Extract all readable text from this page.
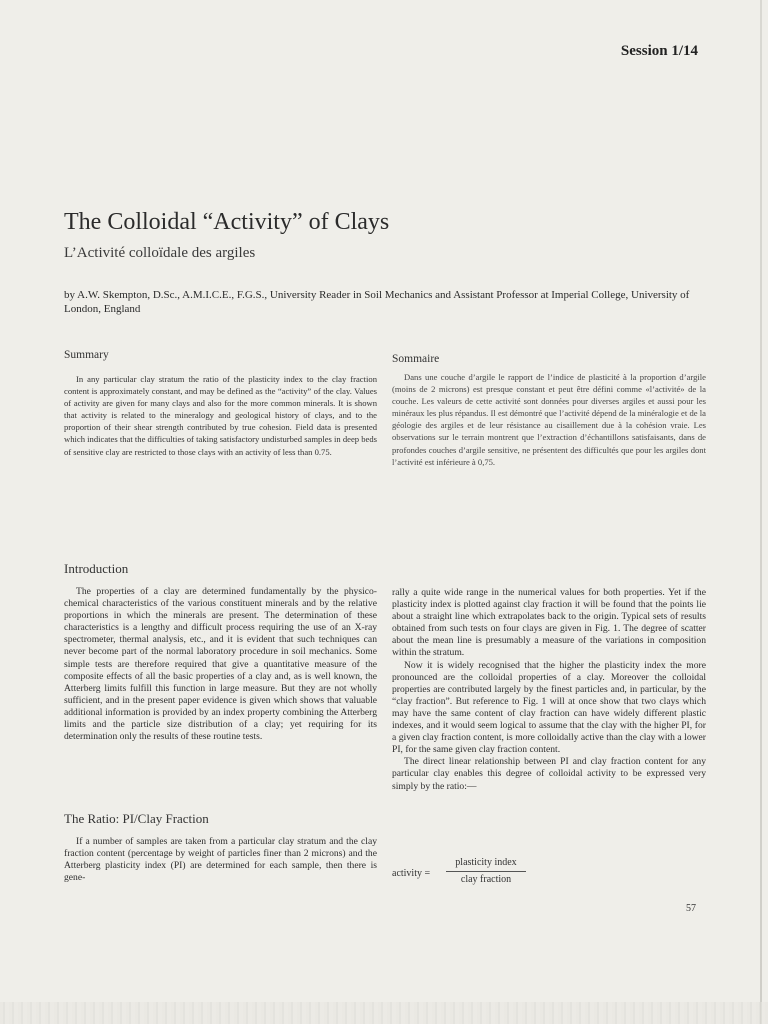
Session 1/14
The Colloidal “Activity” of Clays
L’Activité colloïdale des argiles
by A.W. Skempton, D.Sc., A.M.I.C.E., F.G.S., University Reader in Soil Mechanics and Assistant Professor at Imperial College, University of London, England
Summary

In any particular clay stratum the ratio of the plasticity index to the clay fraction content is approximately constant, and may be defined as the “activity” of the clay. Values of activity are given for many clays and also for the more common minerals. It is shown that activity is related to the mineralogy and geological history of clays, and to the proportion of their shear strength contributed by true cohesion. Field data is presented which indicates that the difficulties of taking satisfactory undisturbed samples in deep beds of sensitive clay are restricted to those clays with an activity of less than 0.75.

Sommaire

Dans une couche d’argile le rapport de l’indice de plasticité à la proportion d’argile (moins de 2 microns) est presque constant et peut être défini comme «l’activité» de la couche. Les valeurs de cette activité sont données pour diverses argiles et aussi pour les minéraux les plus répandus. Il est démontré que l’activité dépend de la minéralogie et de la géologie des argiles et de leur résistance au cisaillement due à la cohésion vraie. Les observations sur le terrain montrent que l’extraction d’échantillons satisfaisants, dans de profondes couches d’argile sensitive, ne présentent des difficultés que pour les argiles dont l’activité est inférieure à 0,75.

Introduction

The properties of a clay are determined fundamentally by the physico-chemical characteristics of the various constituent minerals and by the relative proportions in which the minerals are present. The determination of these characteristics is a lengthy and difficult process requiring the use of an X-ray spectrometer, thermal analysis, etc., and it is evident that such techniques can never become part of the normal laboratory procedure in soil mechanics. Some simple tests are therefore required that give a quantitative measure of the composite effects of all the basic properties of a clay and, as is well known, the Atterberg limits fulfill this function in large measure. But they are not wholly sufficient, and in the present paper evidence is given which shows that valuable additional information is provided by an index property combining the Atterberg limits and the particle size distribution of a clay; yet requiring for its determination only the results of these routine tests.

The Ratio: PI/Clay Fraction

If a number of samples are taken from a particular clay stratum and the clay fraction content (percentage by weight of particles finer than 2 microns) and the Atterberg plasticity index (PI) are determined for each sample, then there is gene-

rally a quite wide range in the numerical values for both properties. Yet if the plasticity index is plotted against clay fraction it will be found that the points lie about a straight line which extrapolates back to the origin. Typical sets of results obtained from such tests on four clays are given in Fig. 1. The degree of scatter about the mean line is presumably a measure of the variations in composition within the stratum.

Now it is widely recognised that the higher the plasticity index the more pronounced are the colloidal properties of a clay. Moreover the colloidal properties are contributed largely by the finest particles and, in particular, by the “clay fraction”. But reference to Fig. 1 will at once show that two clays which may have the same content of clay fraction can have widely different plastic indexes, and it would seem logical to assume that the clay with the higher PI, for a given clay fraction content, is more colloidally active than the clay with a lower PI, for the same given clay fraction content.

The direct linear relationship between PI and clay fraction content for any particular clay enables this degree of colloidal activity to be expressed very simply by the ratio:—

activity =
plasticity index
clay fraction
57
